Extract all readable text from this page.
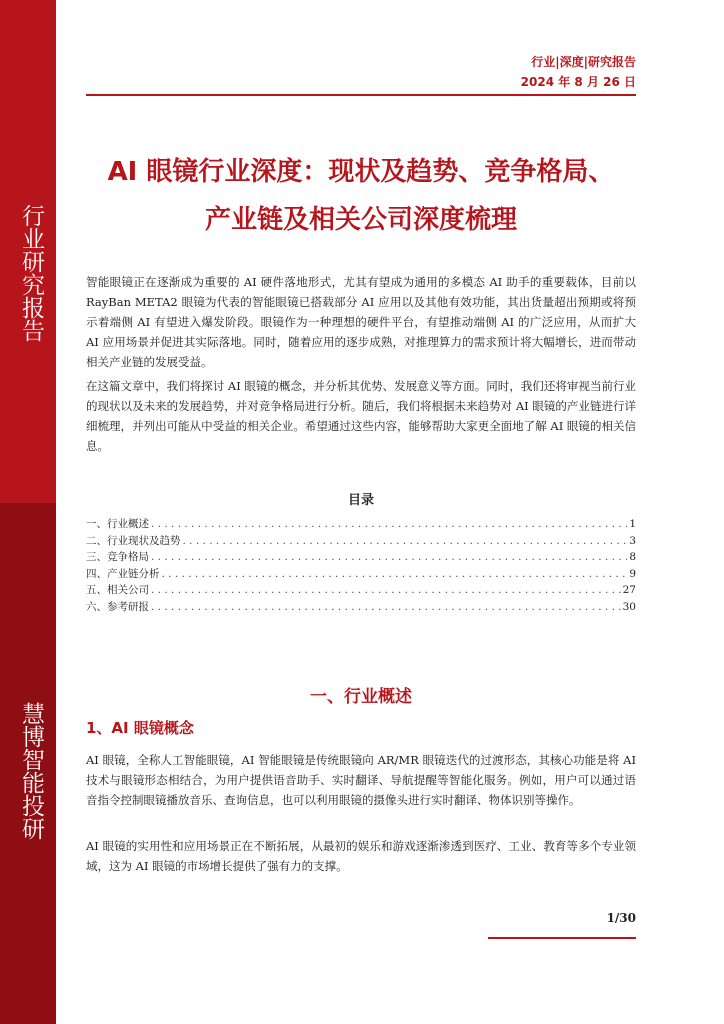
行业研究报告
慧博智能投研
行业|深度|研究报告
2024 年 8 月 26 日
AI 眼镜行业深度：现状及趋势、竞争格局、
产业链及相关公司深度梳理
智能眼镜正在逐渐成为重要的 AI 硬件落地形式，尤其有望成为通用的多模态 AI 助手的重要载体，目前以 RayBan META2 眼镜为代表的智能眼镜已搭载部分 AI 应用以及其他有效功能，其出货量超出预期或将预示着端侧 AI 有望进入爆发阶段。眼镜作为一种理想的硬件平台，有望推动端侧 AI 的广泛应用，从而扩大 AI 应用场景并促进其实际落地。同时，随着应用的逐步成熟，对推理算力的需求预计将大幅增长，进而带动相关产业链的发展受益。
在这篇文章中，我们将探讨 AI 眼镜的概念，并分析其优势、发展意义等方面。同时，我们还将审视当前行业的现状以及未来的发展趋势，并对竞争格局进行分析。随后，我们将根据未来趋势对 AI 眼镜的产业链进行详细梳理，并列出可能从中受益的相关企业。希望通过这些内容，能够帮助大家更全面地了解 AI 眼镜的相关信息。
目录
一、行业概述 . . .	1
二、行业现状及趋势 . . .	3
三、竞争格局 . . .	8
四、产业链分析 . . .	9
五、相关公司 . . .	27
六、参考研报 . . .	30
一、行业概述
1、AI 眼镜概念
AI 眼镜，全称人工智能眼镜，AI 智能眼镜是传统眼镜向 AR/MR 眼镜迭代的过渡形态，其核心功能是将 AI 技术与眼镜形态相结合，为用户提供语音助手、实时翻译、导航提醒等智能化服务。例如，用户可以通过语音指令控制眼镜播放音乐、查询信息，也可以利用眼镜的摄像头进行实时翻译、物体识别等操作。
AI 眼镜的实用性和应用场景正在不断拓展，从最初的娱乐和游戏逐渐渗透到医疗、工业、教育等多个专业领域，这为 AI 眼镜的市场增长提供了强有力的支撑。
1/30
